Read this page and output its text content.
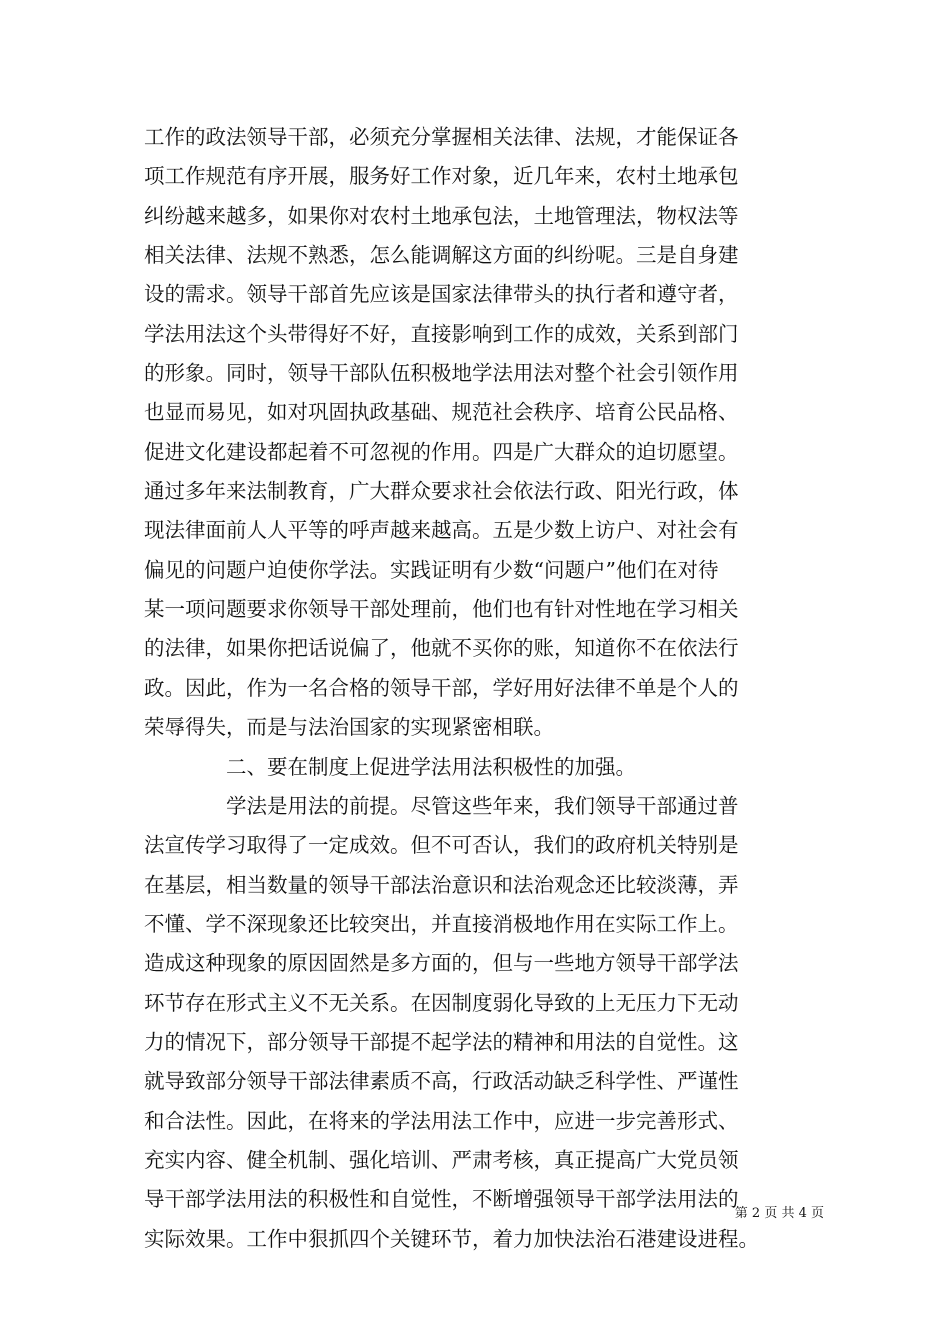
工作的政法领导干部，必须充分掌握相关法律、法规，才能保证各
项工作规范有序开展，服务好工作对象，近几年来，农村土地承包
纠纷越来越多，如果你对农村土地承包法，土地管理法，物权法等
相关法律、法规不熟悉，怎么能调解这方面的纠纷呢。三是自身建
设的需求。领导干部首先应该是国家法律带头的执行者和遵守者，
学法用法这个头带得好不好，直接影响到工作的成效，关系到部门
的形象。同时，领导干部队伍积极地学法用法对整个社会引领作用
也显而易见，如对巩固执政基础、规范社会秩序、培育公民品格、
促进文化建设都起着不可忽视的作用。四是广大群众的迫切愿望。
通过多年来法制教育，广大群众要求社会依法行政、阳光行政，体
现法律面前人人平等的呼声越来越高。五是少数上访户、对社会有
偏见的问题户迫使你学法。实践证明有少数“问题户”他们在对待
某一项问题要求你领导干部处理前，他们也有针对性地在学习相关
的法律，如果你把话说偏了，他就不买你的账，知道你不在依法行
政。因此，作为一名合格的领导干部，学好用好法律不单是个人的
荣辱得失，而是与法治国家的实现紧密相联。
　　　　二、要在制度上促进学法用法积极性的加强。
　　　　学法是用法的前提。尽管这些年来，我们领导干部通过普
法宣传学习取得了一定成效。但不可否认，我们的政府机关特别是
在基层，相当数量的领导干部法治意识和法治观念还比较淡薄，弄
不懂、学不深现象还比较突出，并直接消极地作用在实际工作上。
造成这种现象的原因固然是多方面的，但与一些地方领导干部学法
环节存在形式主义不无关系。在因制度弱化导致的上无压力下无动
力的情况下，部分领导干部提不起学法的精神和用法的自觉性。这
就导致部分领导干部法律素质不高，行政活动缺乏科学性、严谨性
和合法性。因此，在将来的学法用法工作中，应进一步完善形式、
充实内容、健全机制、强化培训、严肃考核，真正提高广大党员领
导干部学法用法的积极性和自觉性，不断增强领导干部学法用法的
实际效果。工作中狠抓四个关键环节，着力加快法治石港建设进程。
第 2 页 共 4 页
